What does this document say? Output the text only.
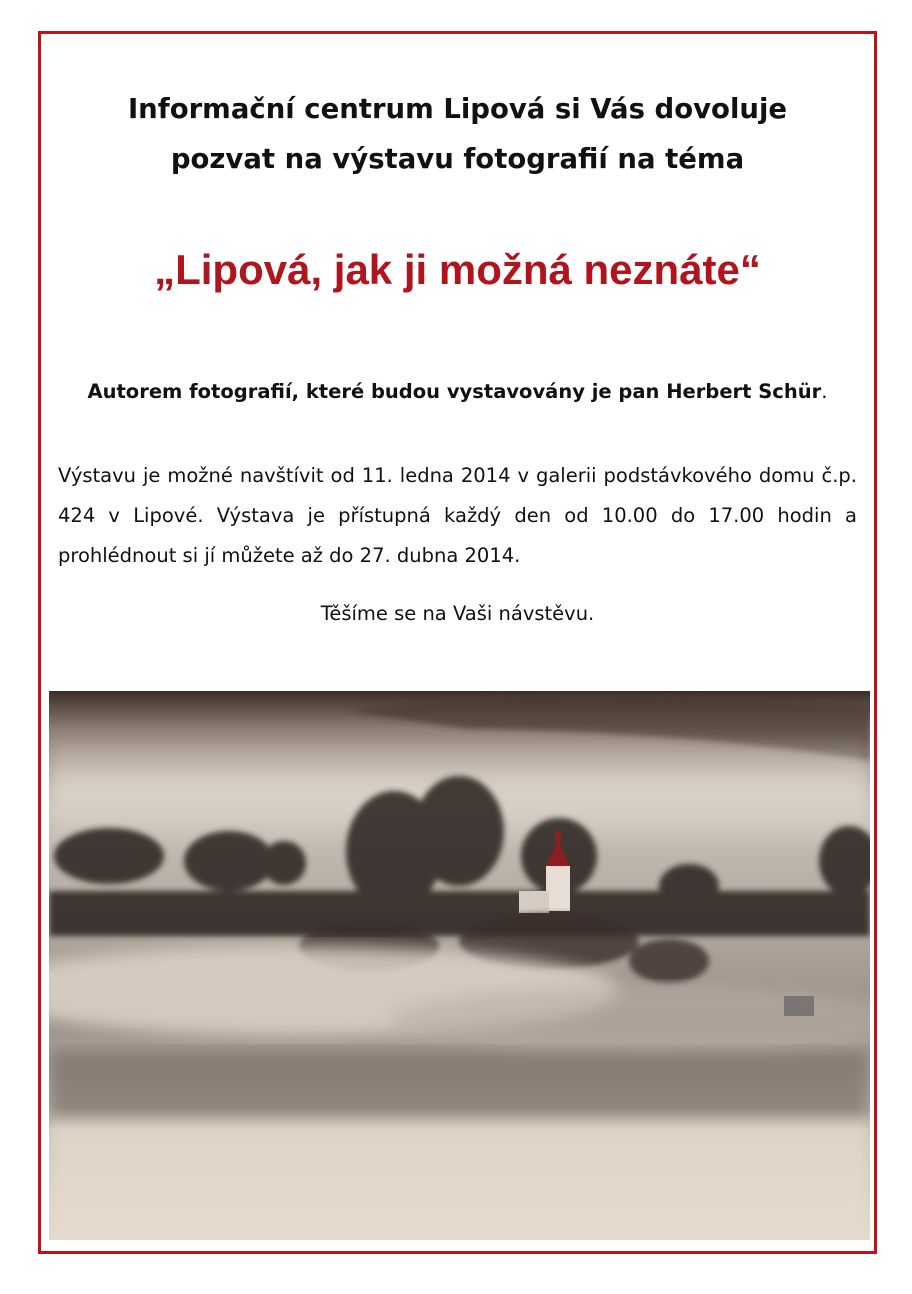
Informační centrum Lipová si Vás dovoluje
pozvat na výstavu fotografií na téma
„Lipová, jak ji možná neznáte“
Autorem fotografií, které budou vystavovány je pan Herbert Schür.
Výstavu je možné navštívit od 11. ledna 2014 v galerii podstávkového domu č.p. 424 v Lipové. Výstava je přístupná každý den od 10.00 do 17.00 hodin a prohlédnout si jí můžete až do 27. dubna 2014.
Těšíme se na Vaši návstěvu.
